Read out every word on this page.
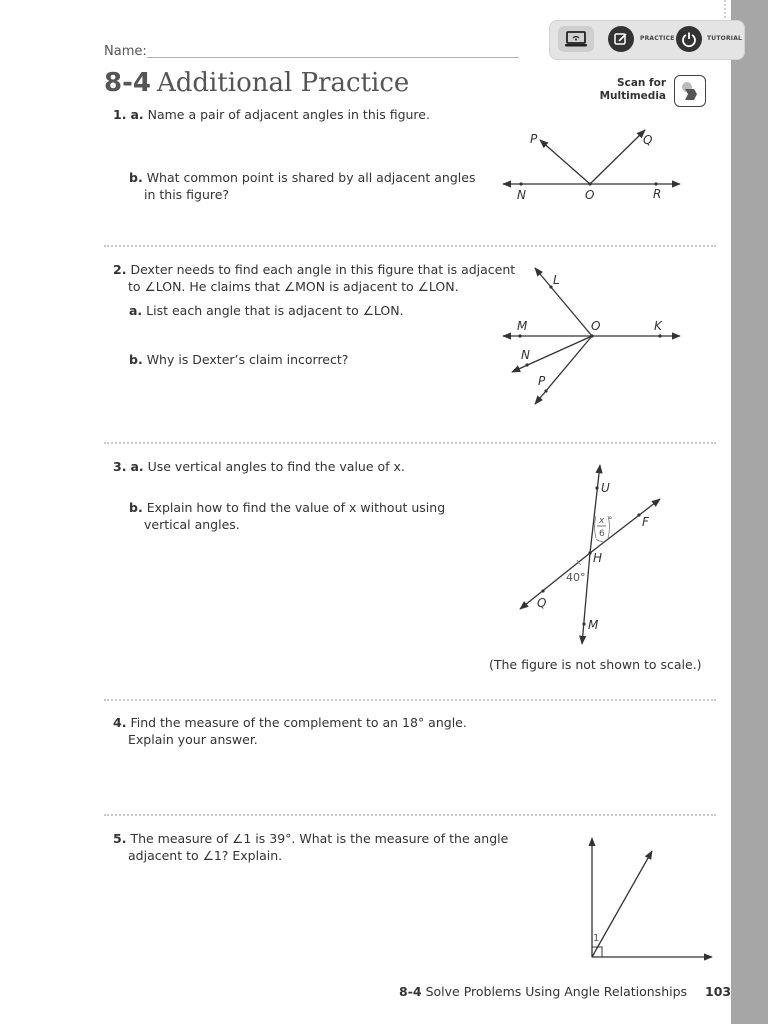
Name:
8-4 Additional Practice
PRACTICE	TUTORIAL
Scan for
Multimedia
1. a. Name a pair of adjacent angles in this figure.
b. What common point is shared by all adjacent angles
in this figure?
P	Q
N	O	R
L
M	O	K
N
P
U
F
H
Q
M
40°
x
6
°
1
(The figure is not shown to scale.)
2. Dexter needs to find each angle in this figure that is adjacent
to ∠LON. He claims that ∠MON is adjacent to ∠LON.
a. List each angle that is adjacent to ∠LON.
b. Why is Dexter’s claim incorrect?
3. a. Use vertical angles to find the value of x.
b. Explain how to find the value of x without using
vertical angles.
4. Find the measure of the complement to an 18° angle.
Explain your answer.
5. The measure of ∠1 is 39°. What is the measure of the angle
adjacent to ∠1? Explain.
8-4 Solve Problems Using Angle Relationships 103
